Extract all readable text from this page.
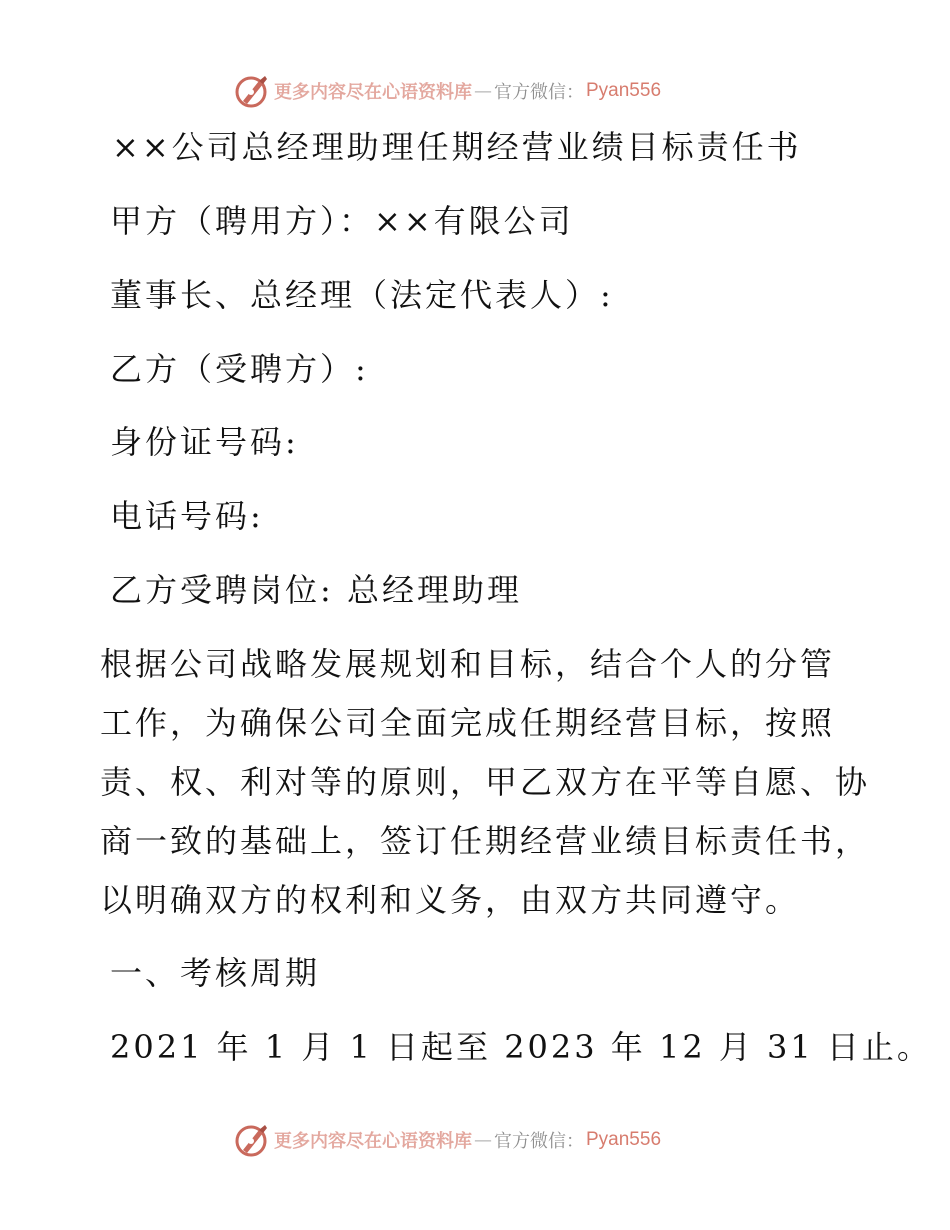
更多内容尽在心语资料库 — 官方微信： Pyan556
××公司总经理助理任期经营业绩目标责任书
甲方（聘用方）：××有限公司
董事长、总经理（法定代表人）:
乙方（受聘方）:
身份证号码:
电话号码:
乙方受聘岗位: 总经理助理
根据公司战略发展规划和目标，结合个人的分管
工作，为确保公司全面完成任期经营目标，按照
责、权、利对等的原则，甲乙双方在平等自愿、协
商一致的基础上，签订任期经营业绩目标责任书，
以明确双方的权利和义务，由双方共同遵守。
一、考核周期
2021 年 1 月 1 日起至 2023 年 12 月 31 日止。
更多内容尽在心语资料库 — 官方微信： Pyan556
